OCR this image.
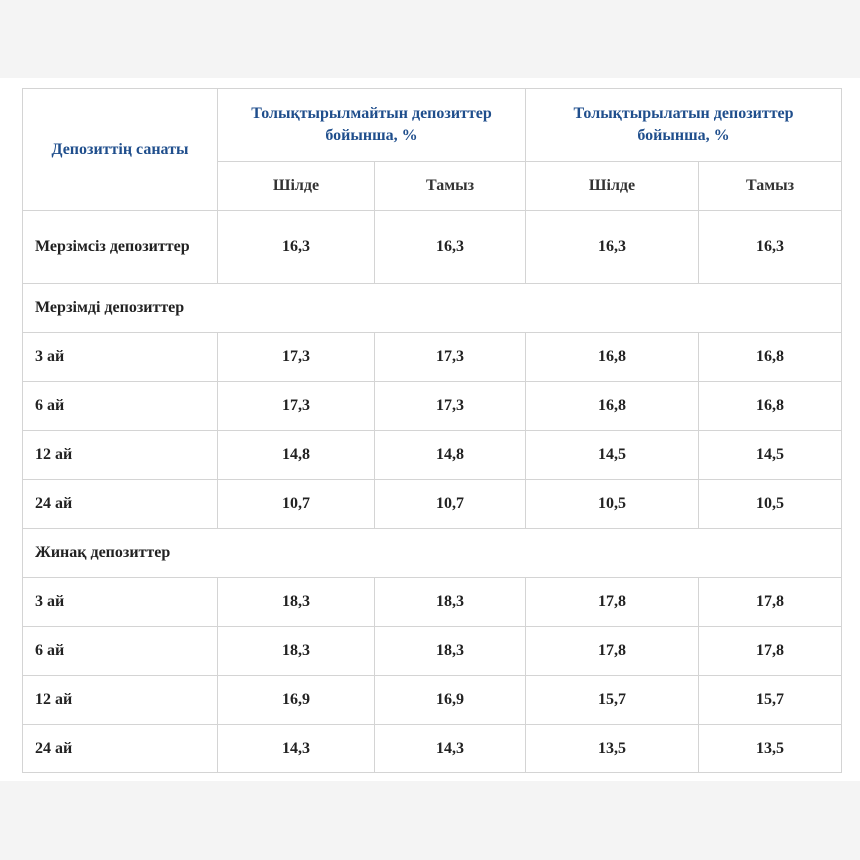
Депозиттің санаты	Толықтырылмайтын депозиттер бойынша, %		Толықтырылатын депозиттер бойынша, %	
	Шілде	Тамыз	Шілде	Тамыз
Мерзімсіз депозиттер	16,3	16,3	16,3	16,3
Мерзімді депозиттер				
3 ай	17,3	17,3	16,8	16,8
6 ай	17,3	17,3	16,8	16,8
12 ай	14,8	14,8	14,5	14,5
24 ай	10,7	10,7	10,5	10,5
Жинақ депозиттер				
3 ай	18,3	18,3	17,8	17,8
6 ай	18,3	18,3	17,8	17,8
12 ай	16,9	16,9	15,7	15,7
24 ай	14,3	14,3	13,5	13,5
